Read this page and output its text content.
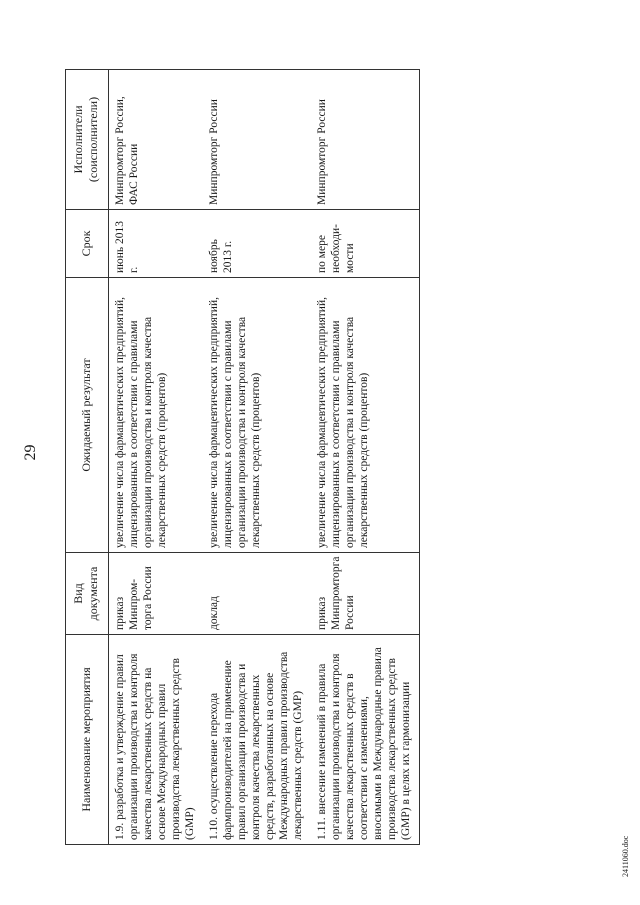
29
Наименование мероприятия	Вид документа	Ожидаемый результат	Срок	Исполнители (соисполнители)

1.9. разработка и утверждение правил организации производства и контроля качества лекарственных средств на основе Международных правил производства лекарственных средств (GMP)	приказ Минпром-торга России	увеличение числа фармацевтических предприятий, лицензированных в соответствии с правилами организации производства и контроля качества лекарственных средств (процентов)	июнь 2013 г.	Минпромторг России, ФАС России

1.10. осуществление перехода фармпроизводителей на применение правил организации производства и контроля качества лекарственных средств, разработанных на основе Международных правил производства лекарственных средств (GMP)	доклад	увеличение числа фармацевтических предприятий, лицензированных в соответствии с правилами организации производства и контроля качества лекарственных средств (процентов)	ноябрь 2013 г.	Минпромторг России

1.11. внесение изменений в правила организации производства и контроля качества лекарственных средств в соответствии с изменениями, вносимыми в Международные правила производства лекарственных средств (GMP) в целях их гармонизации	приказ Минпромторга России	увеличение числа фармацевтических предприятий, лицензированных в соответствии с правилами организации производства и контроля качества лекарственных средств (процентов)	по мере необходи-мости	Минпромторг России
2411060.doc
